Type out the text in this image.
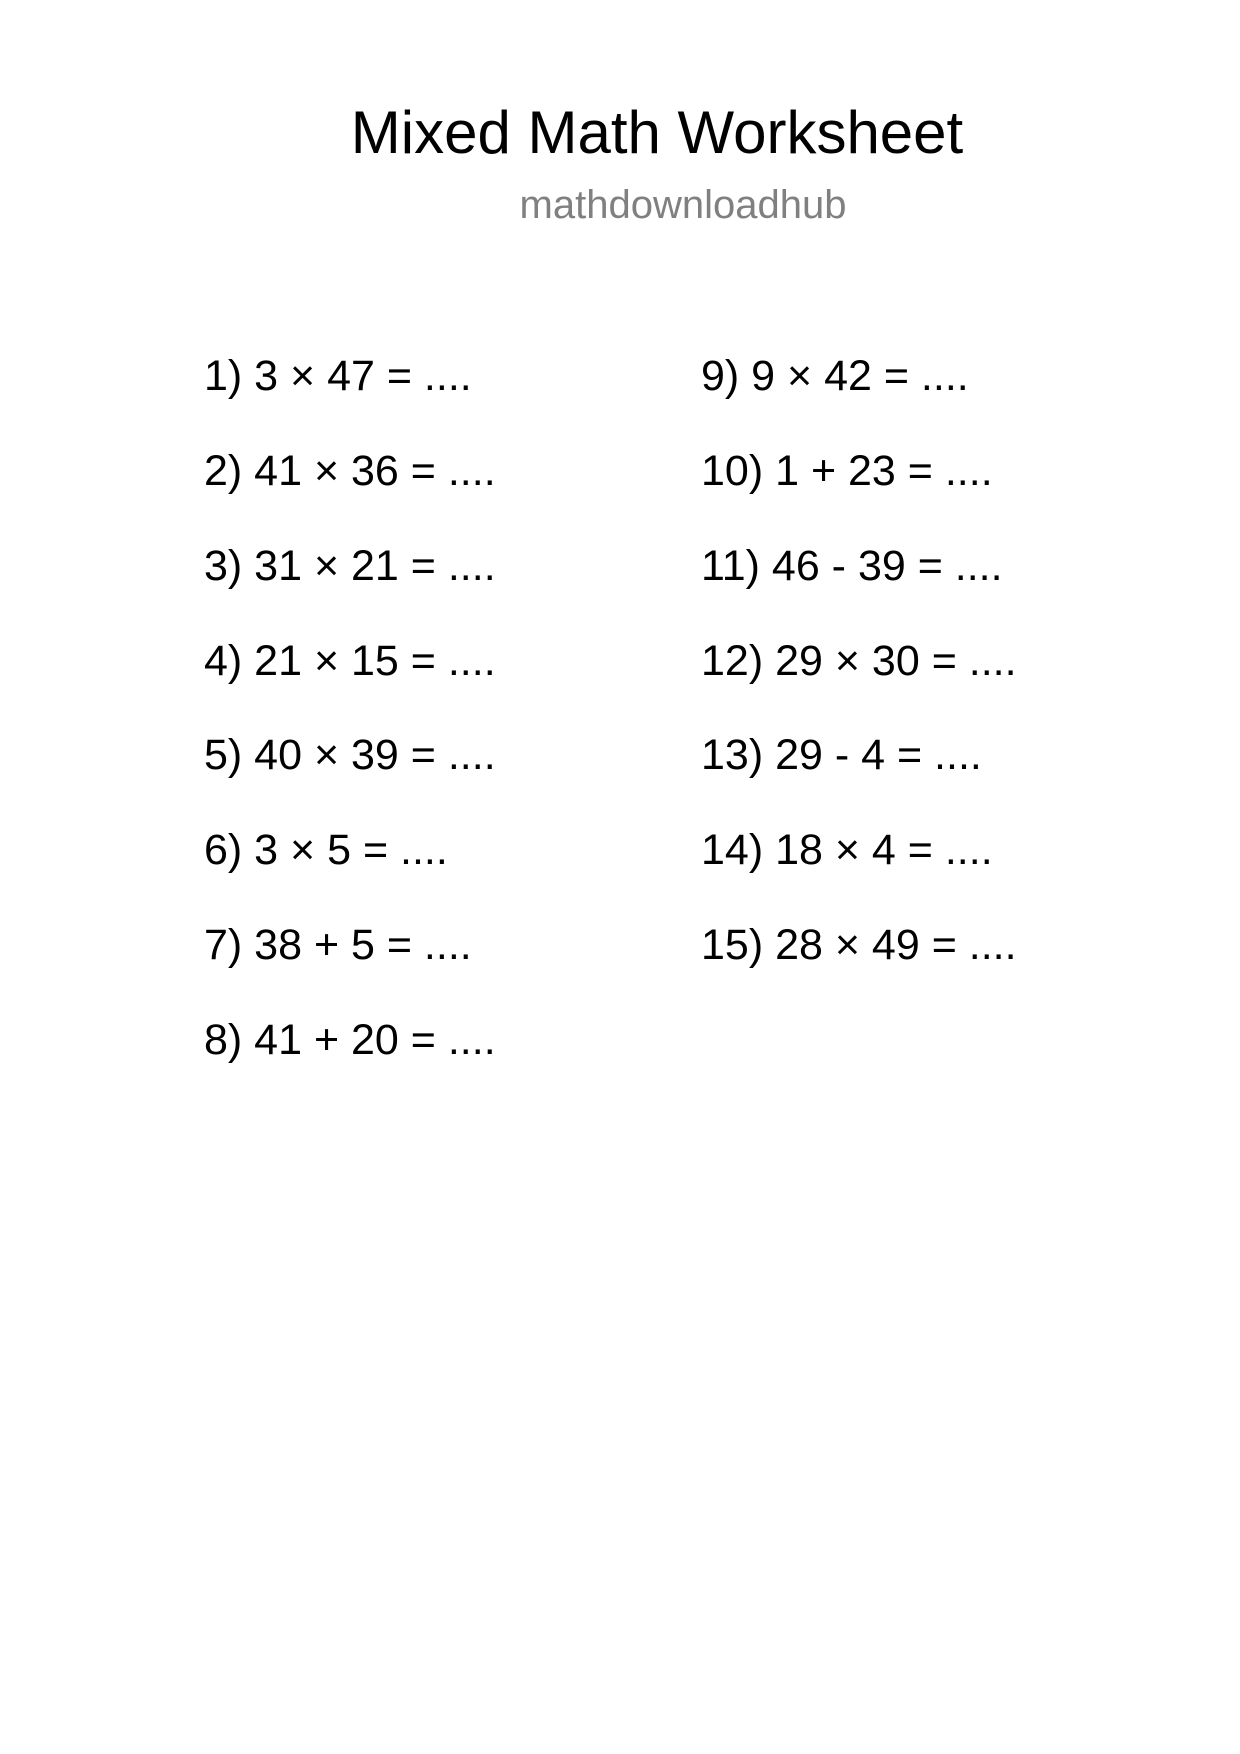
Mixed Math Worksheet
mathdownloadhub
1) 3 × 47 = ....
2) 41 × 36 = ....
3) 31 × 21 = ....
4) 21 × 15 = ....
5) 40 × 39 = ....
6) 3 × 5 = ....
7) 38 + 5 = ....
8) 41 + 20 = ....
9) 9 × 42 = ....
10) 1 + 23 = ....
11) 46 - 39 = ....
12) 29 × 30 = ....
13) 29 - 4 = ....
14) 18 × 4 = ....
15) 28 × 49 = ....
